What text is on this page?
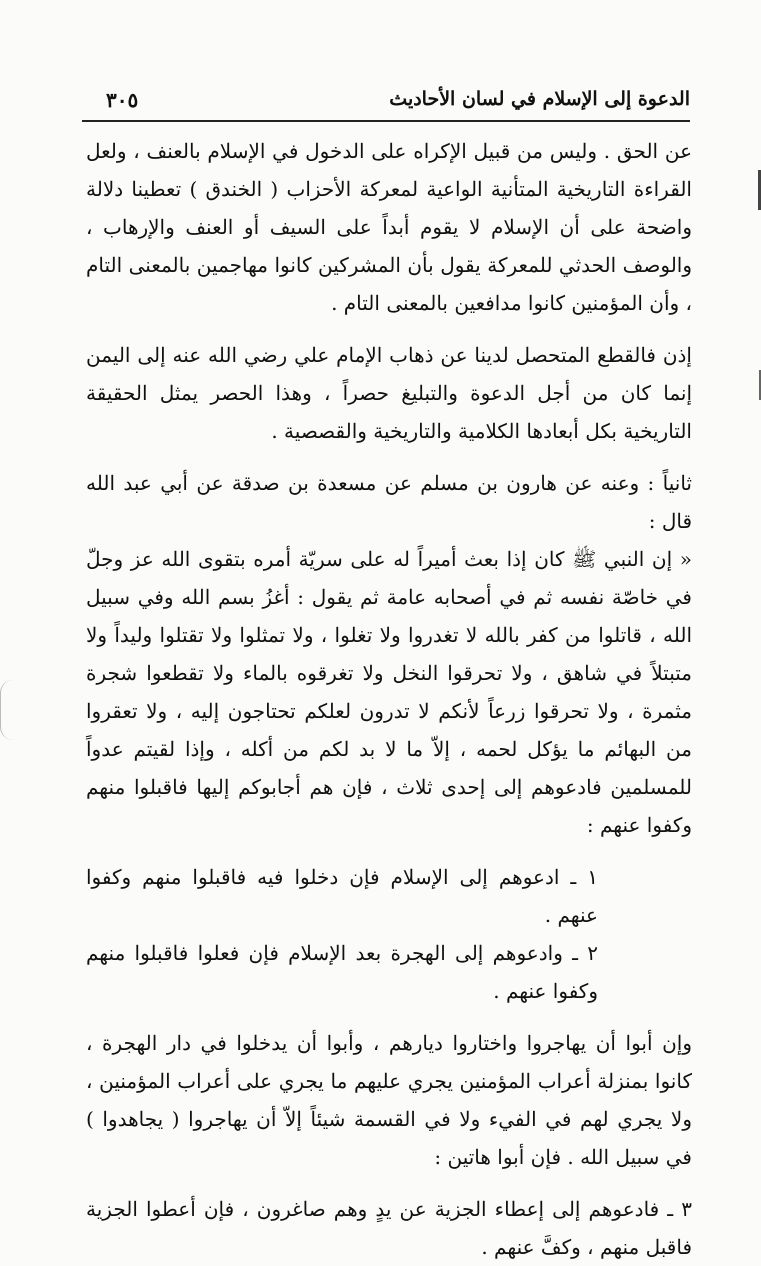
الدعوة إلى الإسلام في لسان الأحاديث
٣٠٥

عن الحق . وليس من قبيل الإكراه على الدخول في الإسلام بالعنف ، ولعل القراءة التاريخية المتأنية الواعية لمعركة الأحزاب ( الخندق ) تعطينا دلالة واضحة على أن الإسلام لا يقوم أبداً على السيف أو العنف والإرهاب ، والوصف الحدثي للمعركة يقول بأن المشركين كانوا مهاجمين بالمعنى التام ، وأن المؤمنين كانوا مدافعين بالمعنى التام .

إذن فالقطع المتحصل لدينا عن ذهاب الإمام علي رضي الله عنه إلى اليمن إنما كان من أجل الدعوة والتبليغ حصراً ، وهذا الحصر يمثل الحقيقة التاريخية بكل أبعادها الكلامية والتاريخية والقصصية .

ثانياً : وعنه عن هارون بن مسلم عن مسعدة بن صدقة عن أبي عبد الله قال :

« إن النبي ﷺ كان إذا بعث أميراً له على سريّة أمره بتقوى الله عز وجلّ في خاصّة نفسه ثم في أصحابه عامة ثم يقول : أغزُ بسم الله وفي سبيل الله ، قاتلوا من كفر بالله لا تغدروا ولا تغلوا ، ولا تمثلوا ولا تقتلوا وليداً ولا متبتلاً في شاهق ، ولا تحرقوا النخل ولا تغرقوه بالماء ولا تقطعوا شجرة مثمرة ، ولا تحرقوا زرعاً لأنكم لا تدرون لعلكم تحتاجون إليه ، ولا تعقروا من البهائم ما يؤكل لحمه ، إلاّ ما لا بد لكم من أكله ، وإذا لقيتم عدواً للمسلمين فادعوهم إلى إحدى ثلاث ، فإن هم أجابوكم إليها فاقبلوا منهم وكفوا عنهم :

١ ـ ادعوهم إلى الإسلام فإن دخلوا فيه فاقبلوا منهم وكفوا عنهم .

٢ ـ وادعوهم إلى الهجرة بعد الإسلام فإن فعلوا فاقبلوا منهم وكفوا عنهم .

وإن أبوا أن يهاجروا واختاروا ديارهم ، وأبوا أن يدخلوا في دار الهجرة ، كانوا بمنزلة أعراب المؤمنين يجري عليهم ما يجري على أعراب المؤمنين ، ولا يجري لهم في الفيء ولا في القسمة شيئاً إلاّ أن يهاجروا ( يجاهدوا ) في سبيل الله . فإن أبوا هاتين :

٣ ـ فادعوهم إلى إعطاء الجزية عن يدٍ وهم صاغرون ، فإن أعطوا الجزية فاقبل منهم ، وكفَّ عنهم .
